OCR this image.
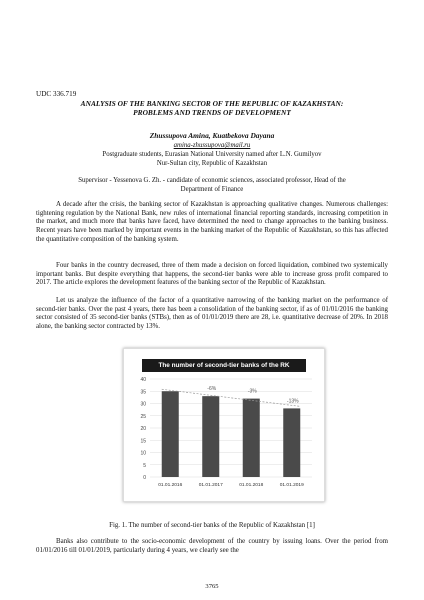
UDC 336.719
ANALYSIS OF THE BANKING SECTOR OF THE REPUBLIC OF KAZAKHSTAN:
PROBLEMS AND TRENDS OF DEVELOPMENT
Zhussupova Amina, Kuatbekova Dayana
amina-zhussupova@mail.ru
Postgraduate students, Eurasian National University named after L.N. Gumilyov
Nur-Sultan city, Republic of Kazakhstan
Supervisor - Yessenova G. Zh. - candidate of economic sciences, associated professor, Head of the
Department of Finance

A decade after the crisis, the banking sector of Kazakhstan is approaching qualitative changes. Numerous challenges: tightening regulation by the National Bank, new rules of international financial reporting standards, increasing competition in the market, and much more that banks have faced, have determined the need to change approaches to the banking business. Recent years have been marked by important events in the banking market of the Republic of Kazakhstan, so this has affected the quantitative composition of the banking system.

Four banks in the country decreased, three of them made a decision on forced liquidation, combined two systemically important banks. But despite everything that happens, the second-tier banks were able to increase gross profit compared to 2017. The article explores the development features of the banking sector of the Republic of Kazakhstan.

Let us analyze the influence of the factor of a quantitative narrowing of the banking market on the performance of second-tier banks. Over the past 4 years, there has been a consolidation of the banking sector, if as of 01/01/2016 the banking sector consisted of 35 second-tier banks (STBs), then as of 01/01/2019 there are 28, i.e. quantitative decrease of 20%. In 2018 alone, the banking sector contracted by 13%.

The number of second-tier banks of the RK
0
5
10
15
20
25
30
35
40
01.01.2016	01.01.2017
-6%
01.01.2018
-3%
01.01.2019
-13%
Fig. 1. The number of second-tier banks of the Republic of Kazakhstan [1]

Banks also contribute to the socio-economic development of the country by issuing loans. Over the period from 01/01/2016 till 01/01/2019, particularly during 4 years, we clearly see the

3765
